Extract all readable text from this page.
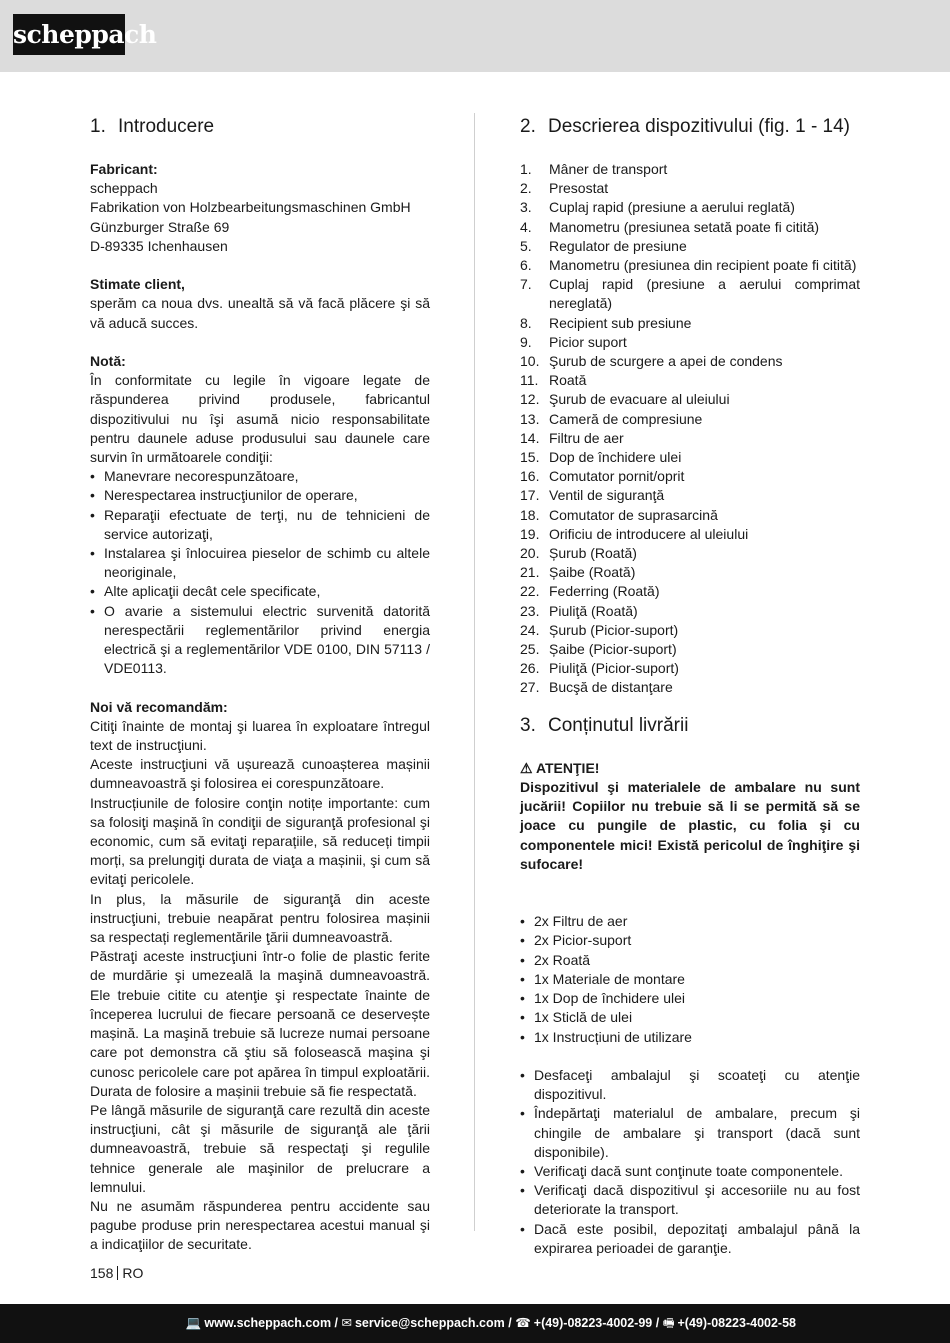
scheppach
1. Introducere
Fabricant:
scheppach
Fabrikation von Holzbearbeitungsmaschinen GmbH
Günzburger Straße 69
D-89335 Ichenhausen
Stimate client,

sperăm ca noua dvs. unealtă să vă facă plăcere şi să vă aducă succes.

Notă:

În conformitate cu legile în vigoare legate de răspunderea privind produsele, fabricantul dispozitivului nu îşi asumă nicio responsabilitate pentru daunele aduse produsului sau daunele care survin în următoarele condiţii:

• Manevrare necorespunzătoare,
• Nerespectarea instrucţiunilor de operare,
• Reparaţii efectuate de terţi, nu de tehnicieni de service autorizaţi,
• Instalarea şi înlocuirea pieselor de schimb cu altele neoriginale,
• Alte aplicaţii decât cele specificate,
• O avarie a sistemului electric survenită datorită nerespectării reglementărilor privind energia electrică şi a reglementărilor VDE 0100, DIN 57113 / VDE0113.
Noi vă recomandăm:

Citiţi înainte de montaj şi luarea în exploatare întregul text de instrucţiuni.

Aceste instrucţiuni vă ușurează cunoașterea mașinii dumneavoastră şi folosirea ei corespunzătoare.

Instrucțiunile de folosire conţin notițe importante: cum sa folosiţi maşină în condiţii de siguranţă profesional şi economic, cum să evitaţi reparațiile, să reduceți timpii morți, sa prelungiţi durata de viaţa a mașinii, şi cum să evitaţi pericolele.

In plus, la măsurile de siguranţă din aceste instrucţiuni, trebuie neapărat pentru folosirea mașinii sa respectați reglementările ţării dumneavoastră.

Păstraţi aceste instrucţiuni într-o folie de plastic ferite de murdărie şi umezeală la maşină dumneavoastră. Ele trebuie citite cu atenţie şi respectate înainte de începerea lucrului de fiecare persoană ce deservește mașină. La maşină trebuie să lucreze numai persoane care pot demonstra că ştiu să folosească maşina şi cunosc pericolele care pot apărea în timpul exploatării. Durata de folosire a mașinii trebuie să fie respectată.

Pe lângă măsurile de siguranţă care rezultă din aceste instrucţiuni, cât şi măsurile de siguranţă ale ţării dumneavoastră, trebuie să respectaţi şi regulile tehnice generale ale maşinilor de prelucrare a lemnului.

Nu ne asumăm răspunderea pentru accidente sau pagube produse prin nerespectarea acestui manual şi a indicaţiilor de securitate.

2. Descrierea dispozitivului (fig. 1 - 14)
1. Mâner de transport
2. Presostat
3. Cuplaj rapid (presiune a aerului reglată)
4. Manometru (presiunea setată poate fi citită)
5. Regulator de presiune
6. Manometru (presiunea din recipient poate fi citită)
7. Cuplaj rapid (presiune a aerului comprimat nereglată)
8. Recipient sub presiune
9. Picior suport
10. Şurub de scurgere a apei de condens
11. Roată
12. Şurub de evacuare al uleiului
13. Cameră de compresiune
14. Filtru de aer
15. Dop de închidere ulei
16. Comutator pornit/oprit
17. Ventil de siguranţă
18. Comutator de suprasarcină
19. Orificiu de introducere al uleiului
20. Șurub (Roată)
21. Șaibe (Roată)
22. Federring (Roată)
23. Piuliţă (Roată)
24. Șurub (Picior-suport)
25. Șaibe (Picior-suport)
26. Piuliţă (Picior-suport)
27. Bucşă de distanţare
3. Conținutul livrării
⚠ ATENŢIE!

Dispozitivul şi materialele de ambalare nu sunt jucării! Copiilor nu trebuie să li se permită să se joace cu pungile de plastic, cu folia şi cu componentele mici! Există pericolul de înghiţire şi sufocare!

• 2x Filtru de aer
• 2x Picior-suport
• 2x Roată
• 1x Materiale de montare
• 1x Dop de închidere ulei
• 1x Sticlă de ulei
• 1x Instrucțiuni de utilizare
• Desfaceţi ambalajul şi scoateţi cu atenţie dispozitivul.
• Îndepărtaţi materialul de ambalare, precum şi chingile de ambalare şi transport (dacă sunt disponibile).
• Verificaţi dacă sunt conţinute toate componentele.
• Verificaţi dacă dispozitivul şi accesoriile nu au fost deteriorate la transport.
• Dacă este posibil, depozitaţi ambalajul până la expirarea perioadei de garanţie.
158 RO
💻 www.scheppach.com / ✉ service@scheppach.com / ☎ +(49)-08223-4002-99 / 🖷 +(49)-08223-4002-58
